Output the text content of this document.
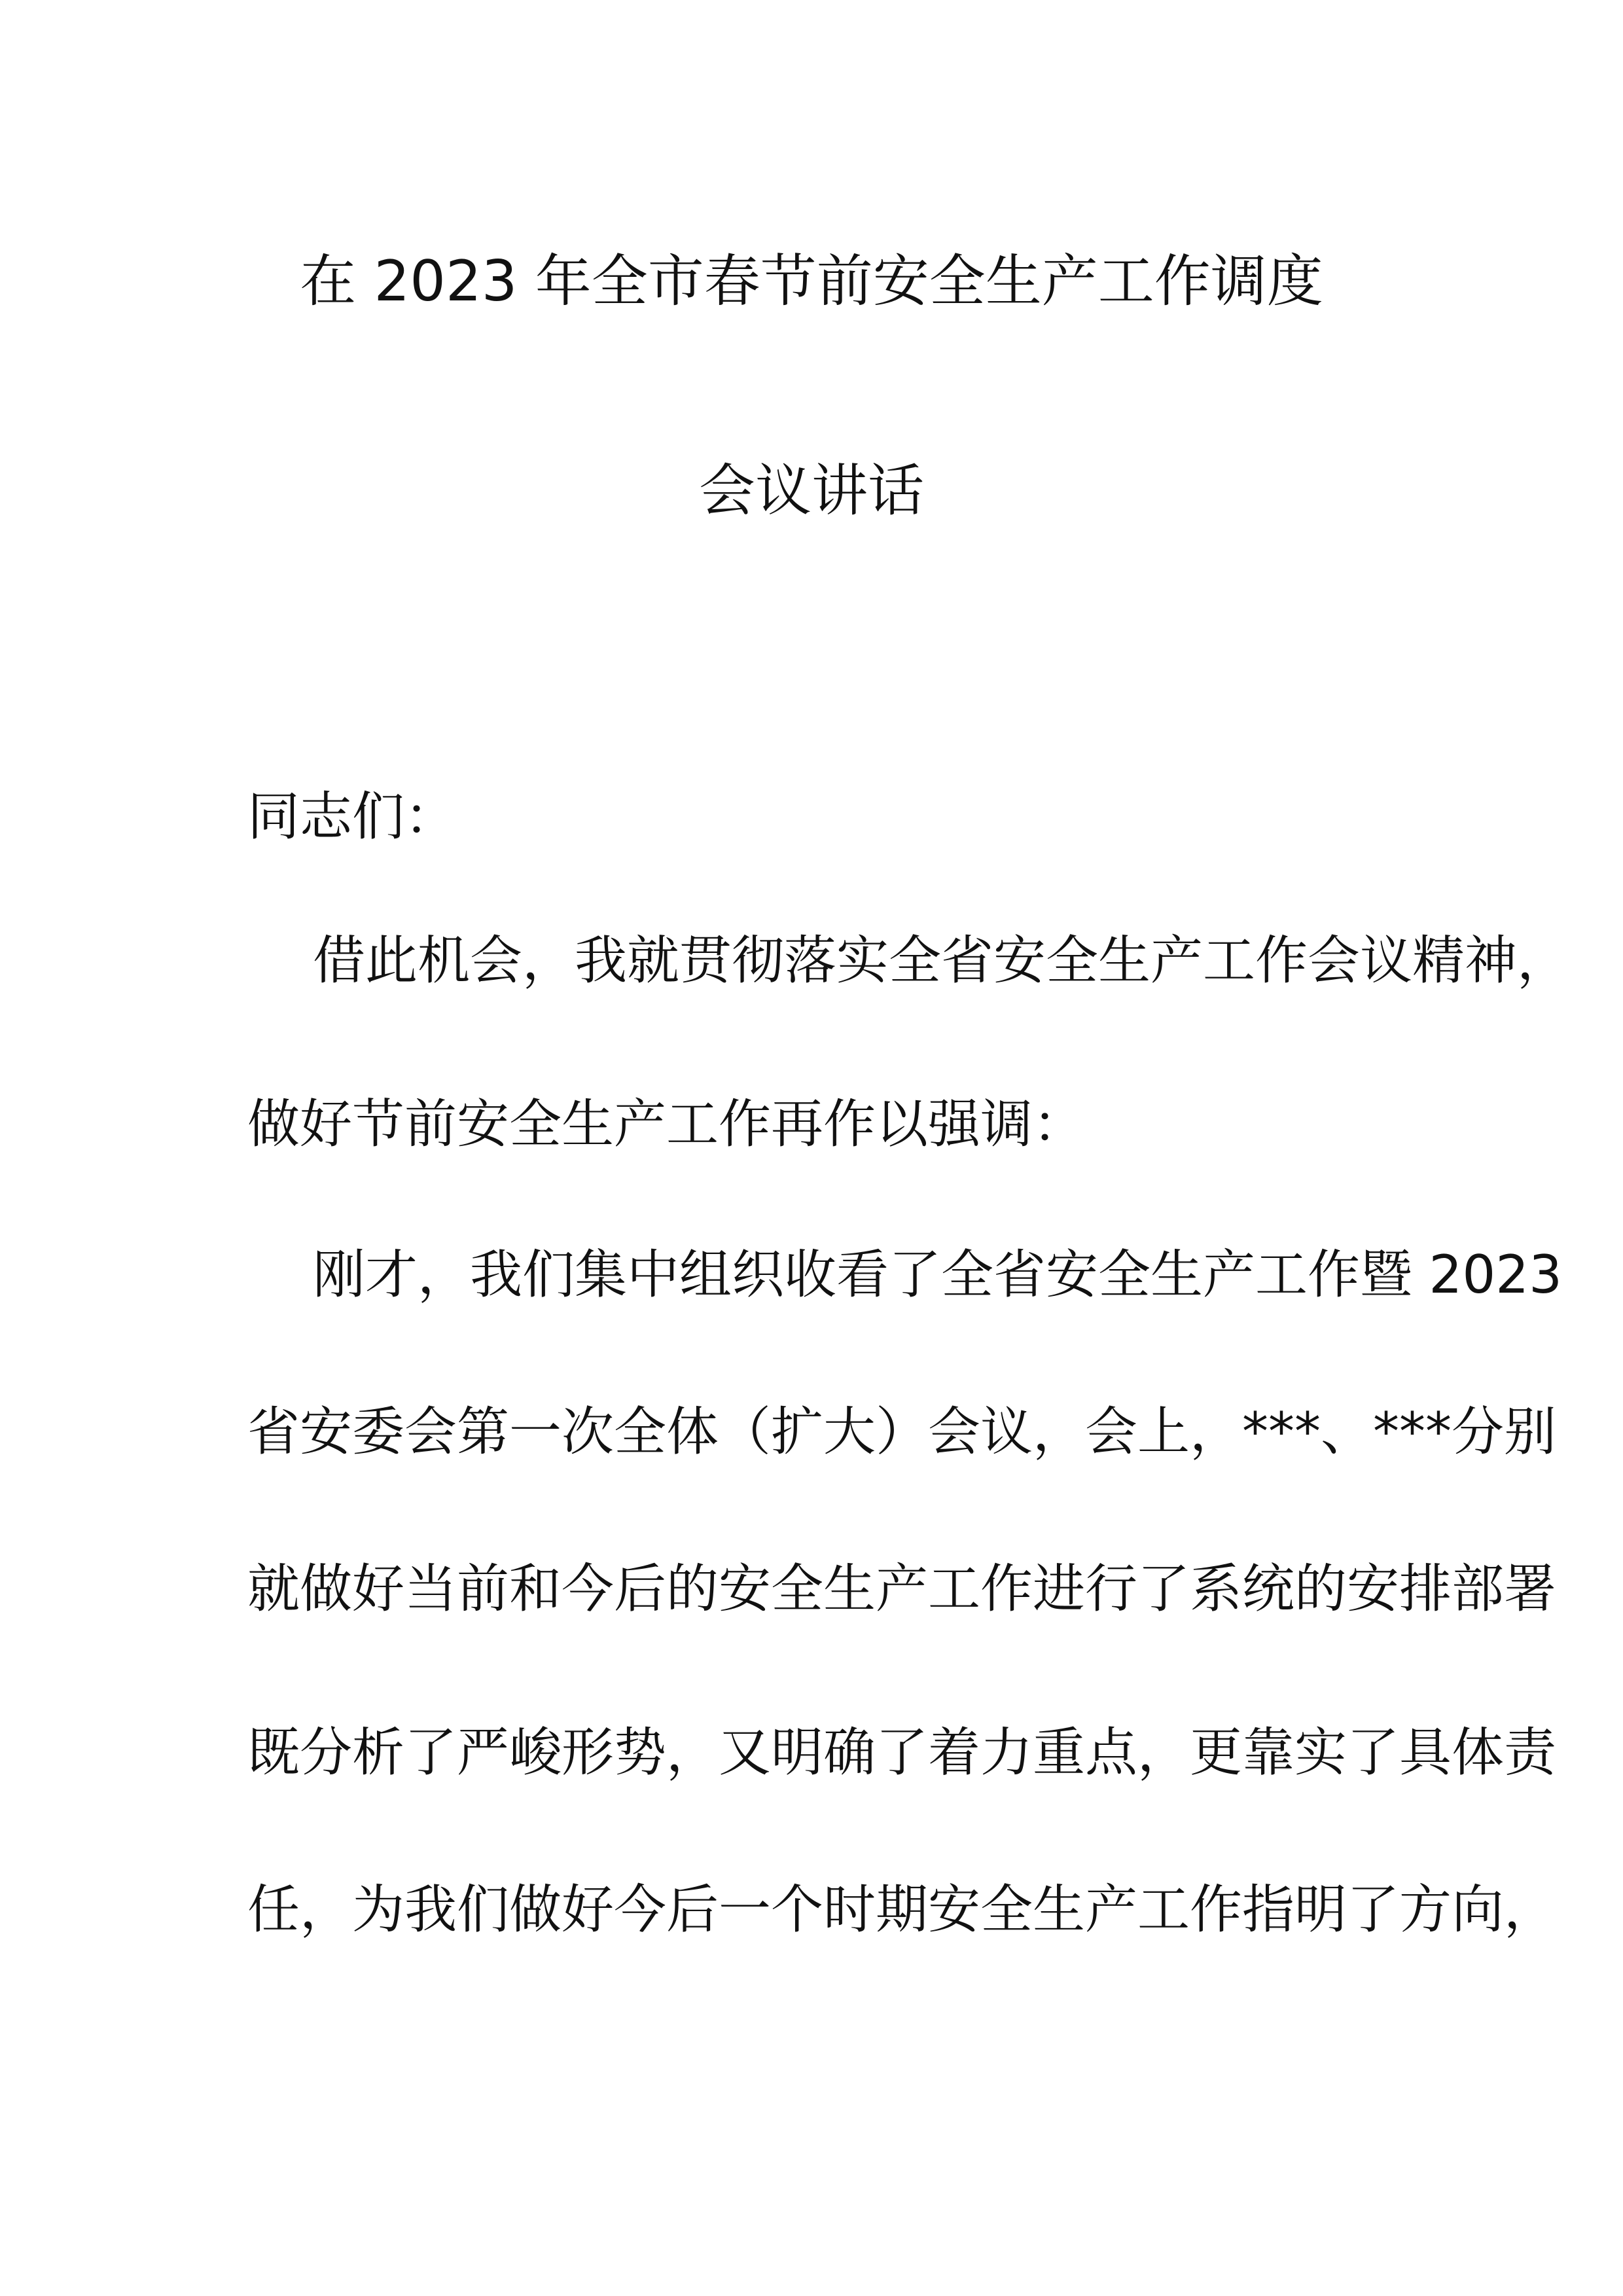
在 2023 年全市春节前安全生产工作调度
会议讲话
同志们：
借此机会，我就贯彻落实全省安全生产工作会议精神，
做好节前安全生产工作再作以强调：
刚才，我们集中组织收看了全省安全生产工作暨 2023
省安委会第一次全体（扩大）会议，会上，***、***分别
就做好当前和今后的安全生产工作进行了系统的安排部署
既分析了严峻形势，又明确了着力重点，更靠实了具体责
任，为我们做好今后一个时期安全生产工作指明了方向，
